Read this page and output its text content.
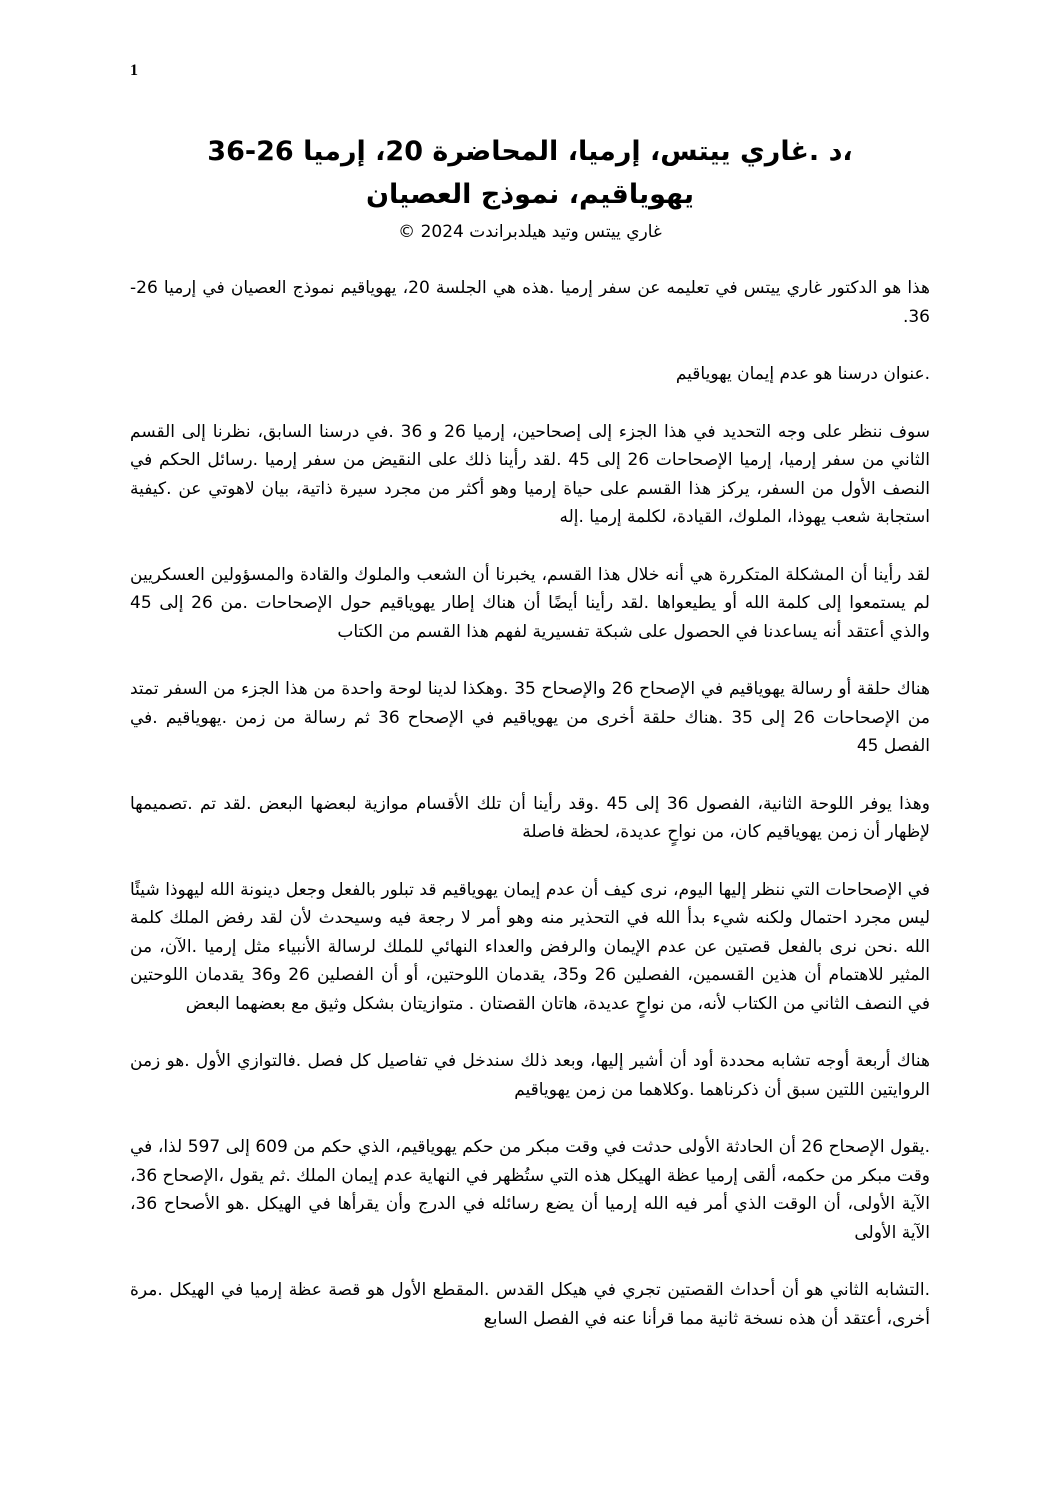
1
،د .غاري ييتس، إرميا، المحاضرة 20، إرميا 26-36
يهوياقيم، نموذج العصيان
غاري ييتس وتيد هيلدبراندت 2024 ©

هذا هو الدكتور غاري ييتس في تعليمه عن سفر إرميا .هذه هي الجلسة 20، يهوياقيم نموذج العصيان في إرميا 26-36.

.عنوان درسنا هو عدم إيمان يهوياقيم

سوف ننظر على وجه التحديد في هذا الجزء إلى إصحاحين، إرميا 26 و 36 .في درسنا السابق، نظرنا إلى القسم الثاني من سفر إرميا، إرميا الإصحاحات 26 إلى 45 .لقد رأينا ذلك على النقيض من سفر إرميا .رسائل الحكم في النصف الأول من السفر، يركز هذا القسم على حياة إرميا وهو أكثر من مجرد سيرة ذاتية، بيان لاهوتي عن .كيفية استجابة شعب يهوذا، الملوك، القيادة، لكلمة إرميا .إله

لقد رأينا أن المشكلة المتكررة هي أنه خلال هذا القسم، يخبرنا أن الشعب والملوك والقادة والمسؤولين العسكريين لم يستمعوا إلى كلمة الله أو يطيعواها .لقد رأينا أيضًا أن هناك إطار يهوياقيم حول الإصحاحات .من 26 إلى 45 والذي أعتقد أنه يساعدنا في الحصول على شبكة تفسيرية لفهم هذا القسم من الكتاب

هناك حلقة أو رسالة يهوياقيم في الإصحاح 26 والإصحاح 35 .وهكذا لدينا لوحة واحدة من هذا الجزء من السفر تمتد من الإصحاحات 26 إلى 35 .هناك حلقة أخرى من يهوياقيم في الإصحاح 36 ثم رسالة من زمن .يهوياقيم .في الفصل 45

وهذا يوفر اللوحة الثانية، الفصول 36 إلى 45 .وقد رأينا أن تلك الأقسام موازية لبعضها البعض .لقد تم .تصميمها لإظهار أن زمن يهوياقيم كان، من نواحٍ عديدة، لحظة فاصلة

في الإصحاحات التي ننظر إليها اليوم، نرى كيف أن عدم إيمان يهوياقيم قد تبلور بالفعل وجعل دينونة الله ليهوذا شيئًا ليس مجرد احتمال ولكنه شيء بدأ الله في التحذير منه وهو أمر لا رجعة فيه وسيحدث لأن لقد رفض الملك كلمة الله .نحن نرى بالفعل قصتين عن عدم الإيمان والرفض والعداء النهائي للملك لرسالة الأنبياء مثل إرميا .الآن، من المثير للاهتمام أن هذين القسمين، الفصلين 26 و35، يقدمان اللوحتين، أو أن الفصلين 26 و36 يقدمان اللوحتين في النصف الثاني من الكتاب لأنه، من نواحٍ عديدة، هاتان القصتان . متوازيتان بشكل وثيق مع بعضهما البعض

هناك أربعة أوجه تشابه محددة أود أن أشير إليها، وبعد ذلك سندخل في تفاصيل كل فصل .فالتوازي الأول .هو زمن الروايتين اللتين سبق أن ذكرناهما .وكلاهما من زمن يهوياقيم

.يقول الإصحاح 26 أن الحادثة الأولى حدثت في وقت مبكر من حكم يهوياقيم، الذي حكم من 609 إلى 597 لذا، في وقت مبكر من حكمه، ألقى إرميا عظة الهيكل هذه التي ستُظهر في النهاية عدم إيمان الملك .ثم يقول ،الإصحاح 36، الآية الأولى، أن الوقت الذي أمر فيه الله إرميا أن يضع رسائله في الدرج وأن يقرأها في الهيكل .هو الأصحاح 36، الآية الأولى

.التشابه الثاني هو أن أحداث القصتين تجري في هيكل القدس .المقطع الأول هو قصة عظة إرميا في الهيكل .مرة أخرى، أعتقد أن هذه نسخة ثانية مما قرأنا عنه في الفصل السابع
